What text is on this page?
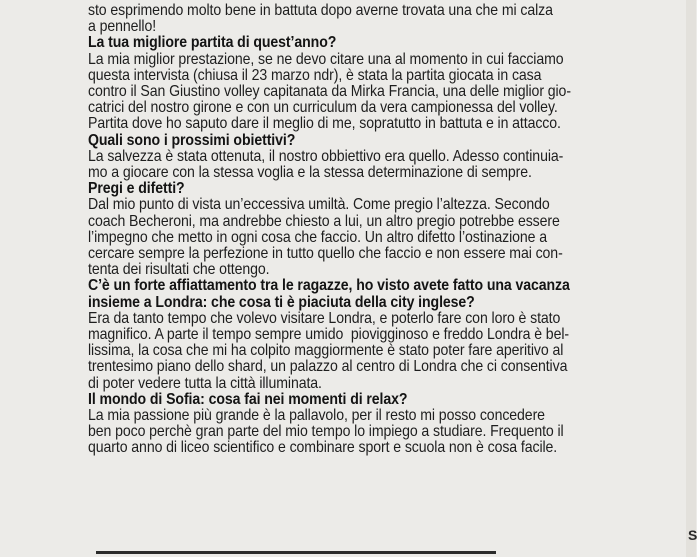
sto esprimendo molto bene in battuta dopo averne trovata una che mi calza
a pennello!
La tua migliore partita di quest’anno?
La mia miglior prestazione, se ne devo citare una al momento in cui facciamo
questa intervista (chiusa il 23 marzo ndr), è stata la partita giocata in casa
contro il San Giustino volley capitanata da Mirka Francia, una delle miglior gio-
catrici del nostro girone e con un curriculum da vera campionessa del volley.
Partita dove ho saputo dare il meglio di me, sopratutto in battuta e in attacco.
Quali sono i prossimi obiettivi?
La salvezza è stata ottenuta, il nostro obbiettivo era quello. Adesso continuia-
mo a giocare con la stessa voglia e la stessa determinazione di sempre.
Pregi e difetti?
Dal mio punto di vista un’eccessiva umiltà. Come pregio l’altezza. Secondo
coach Becheroni, ma andrebbe chiesto a lui, un altro pregio potrebbe essere
l’impegno che metto in ogni cosa che faccio. Un altro difetto l’ostinazione a
cercare sempre la perfezione in tutto quello che faccio e non essere mai con-
tenta dei risultati che ottengo.
C’è un forte affiattamento tra le ragazze, ho visto avete fatto una vacanza
insieme a Londra: che cosa ti è piaciuta della city inglese?
Era da tanto tempo che volevo visitare Londra, e poterlo fare con loro è stato
magnifico. A parte il tempo sempre umido  piovigginoso e freddo Londra è bel-
lissima, la cosa che mi ha colpito maggiormente è stato poter fare aperitivo al
trentesimo piano dello shard, un palazzo al centro di Londra che ci consentiva
di poter vedere tutta la città illuminata.
Il mondo di Sofia: cosa fai nei momenti di relax?
La mia passione più grande è la pallavolo, per il resto mi posso concedere
ben poco perchè gran parte del mio tempo lo impiego a studiare. Frequento il
quarto anno di liceo scientifico e combinare sport e scuola non è cosa facile.
S
